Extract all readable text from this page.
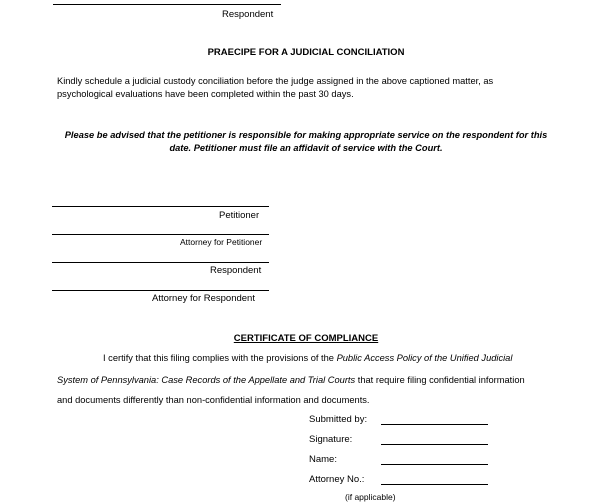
Respondent
PRAECIPE FOR A JUDICIAL CONCILIATION
Kindly schedule a judicial custody conciliation before the judge assigned in the above captioned matter, as
psychological evaluations have been completed within the past 30 days.
Please be advised that the petitioner is responsible for making appropriate service on the respondent for this
date. Petitioner must file an affidavit of service with the Court.
Petitioner
Attorney for Petitioner
Respondent
Attorney for Respondent
CERTIFICATE OF COMPLIANCE
I certify that this filing complies with the provisions of the Public Access Policy of the Unified Judicial
System of Pennsylvania: Case Records of the Appellate and Trial Courts that require filing confidential information
and documents differently than non-confidential information and documents.
Submitted by:
Signature:
Name:
Attorney No.:
(if applicable)
